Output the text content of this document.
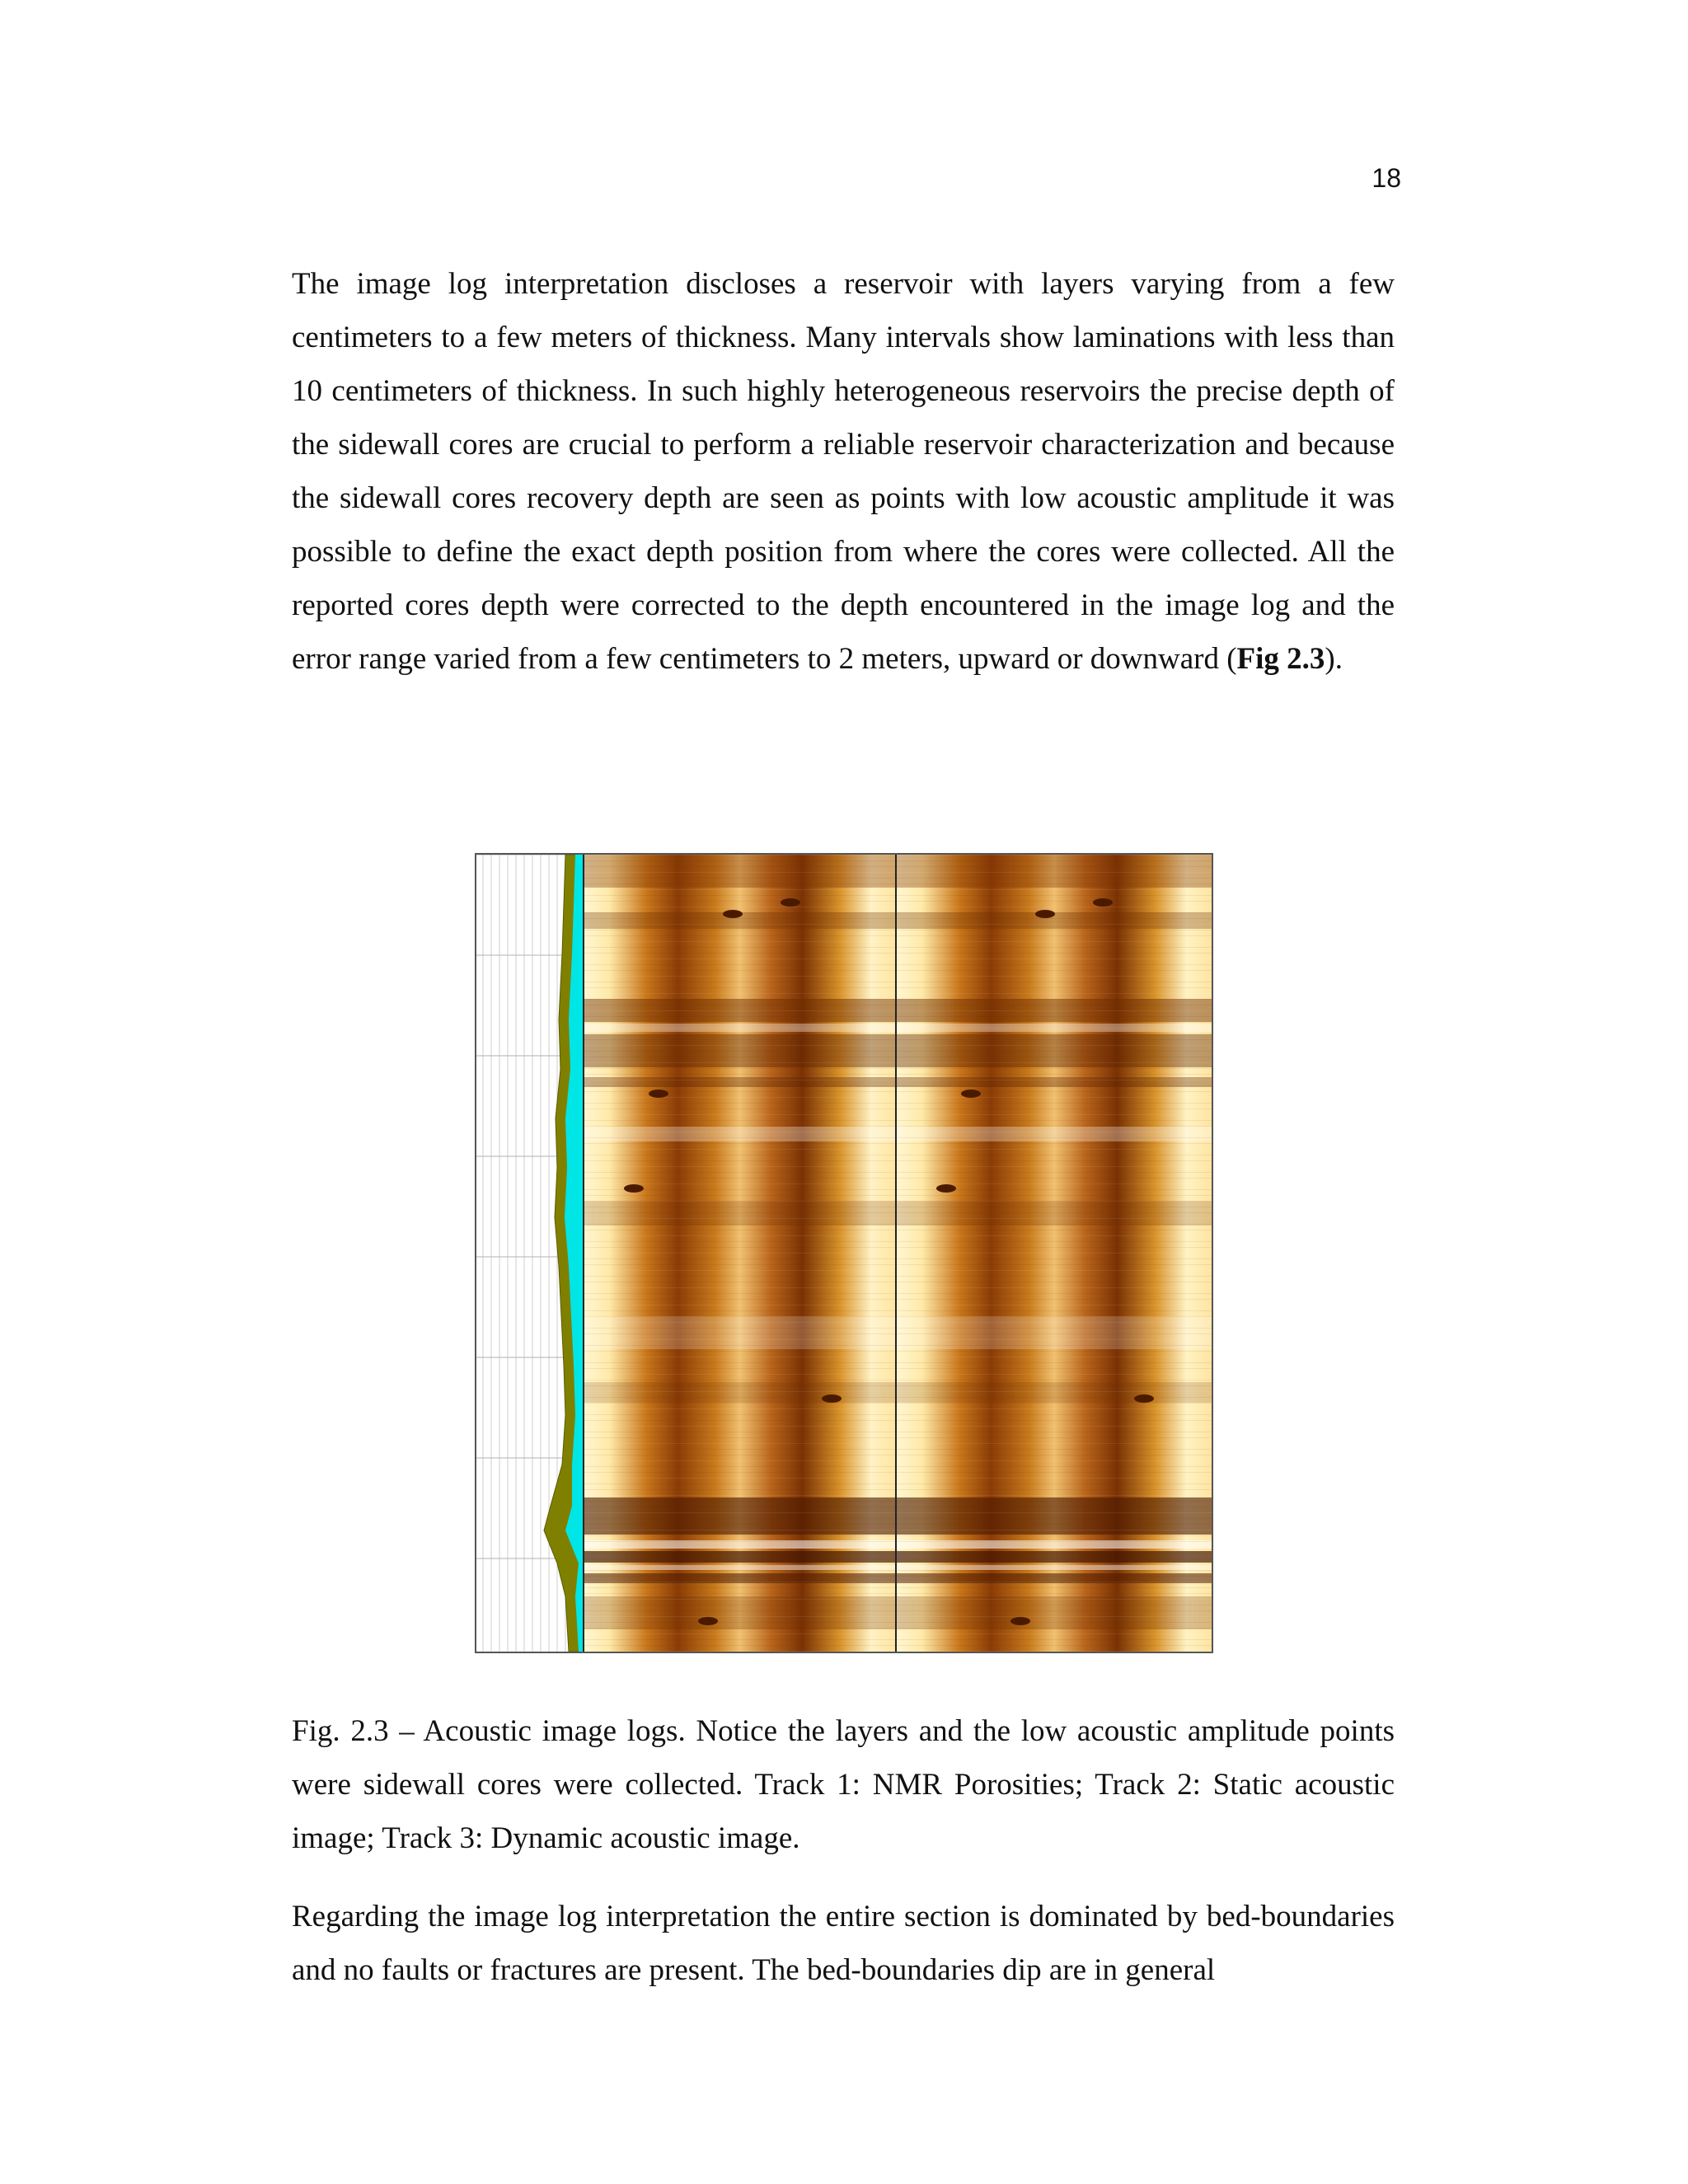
18

The image log interpretation discloses a reservoir with layers varying from a few centimeters to a few meters of thickness. Many intervals show laminations with less than 10 centimeters of thickness. In such highly heterogeneous reservoirs the precise depth of the sidewall cores are crucial to perform a reliable reservoir characterization and because the sidewall cores recovery depth are seen as points with low acoustic amplitude it was possible to define the exact depth position from where the cores were collected. All the reported cores depth were corrected to the depth encountered in the image log and the error range varied from a few centimeters to 2 meters, upward or downward (Fig 2.3).

Fig. 2.3 – Acoustic image logs. Notice the layers and the low acoustic amplitude points were sidewall cores were collected. Track 1: NMR Porosities; Track 2: Static acoustic image; Track 3: Dynamic acoustic image.

Regarding the image log interpretation the entire section is dominated by bed-boundaries and no faults or fractures are present. The bed-boundaries dip are in general
